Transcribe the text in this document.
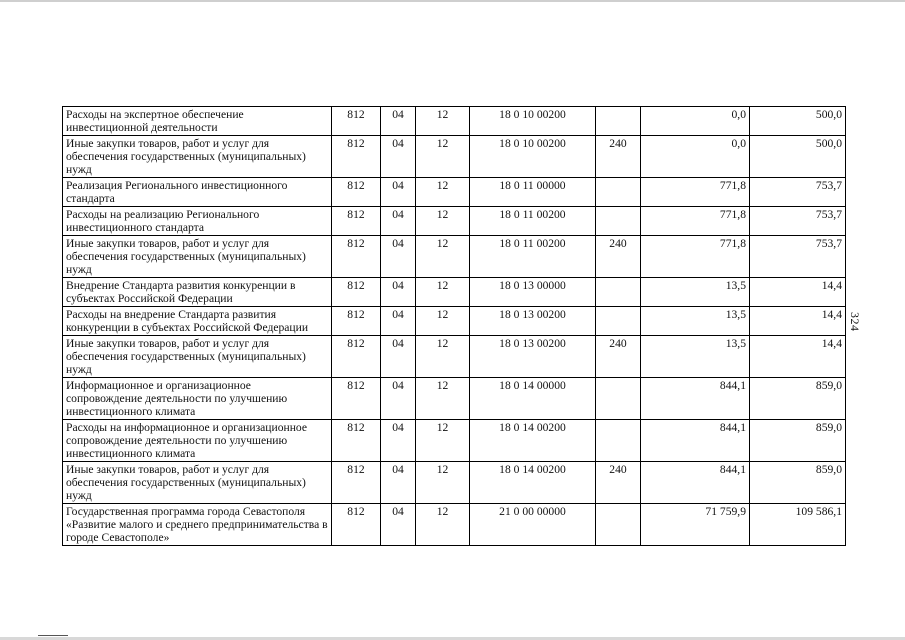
Расходы на экспертное обеспечение инвестиционной деятельности	812	04	12	18 0 10 00200		0,0	500,0
Иные закупки товаров, работ и услуг для обеспечения государственных (муниципальных) нужд	812	04	12	18 0 10 00200	240	0,0	500,0
Реализация Регионального инвестиционного стандарта	812	04	12	18 0 11 00000		771,8	753,7
Расходы на реализацию Регионального инвестиционного стандарта	812	04	12	18 0 11 00200		771,8	753,7
Иные закупки товаров, работ и услуг для обеспечения государственных (муниципальных) нужд	812	04	12	18 0 11 00200	240	771,8	753,7
Внедрение Стандарта развития конкуренции в субъектах Российской Федерации	812	04	12	18 0 13 00000		13,5	14,4
Расходы на внедрение Стандарта развития конкуренции в субъектах Российской Федерации	812	04	12	18 0 13 00200		13,5	14,4
Иные закупки товаров, работ и услуг для обеспечения государственных (муниципальных) нужд	812	04	12	18 0 13 00200	240	13,5	14,4
Информационное и организационное сопровождение деятельности по улучшению инвестиционного климата	812	04	12	18 0 14 00000		844,1	859,0
Расходы на информационное и организационное сопровождение деятельности по улучшению инвестиционного климата	812	04	12	18 0 14 00200		844,1	859,0
Иные закупки товаров, работ и услуг для обеспечения государственных (муниципальных) нужд	812	04	12	18 0 14 00200	240	844,1	859,0
Государственная программа города Севастополя «Развитие малого и среднего предпринимательства в городе Севастополе»	812	04	12	21 0 00 00000		71 759,9	109 586,1
324
